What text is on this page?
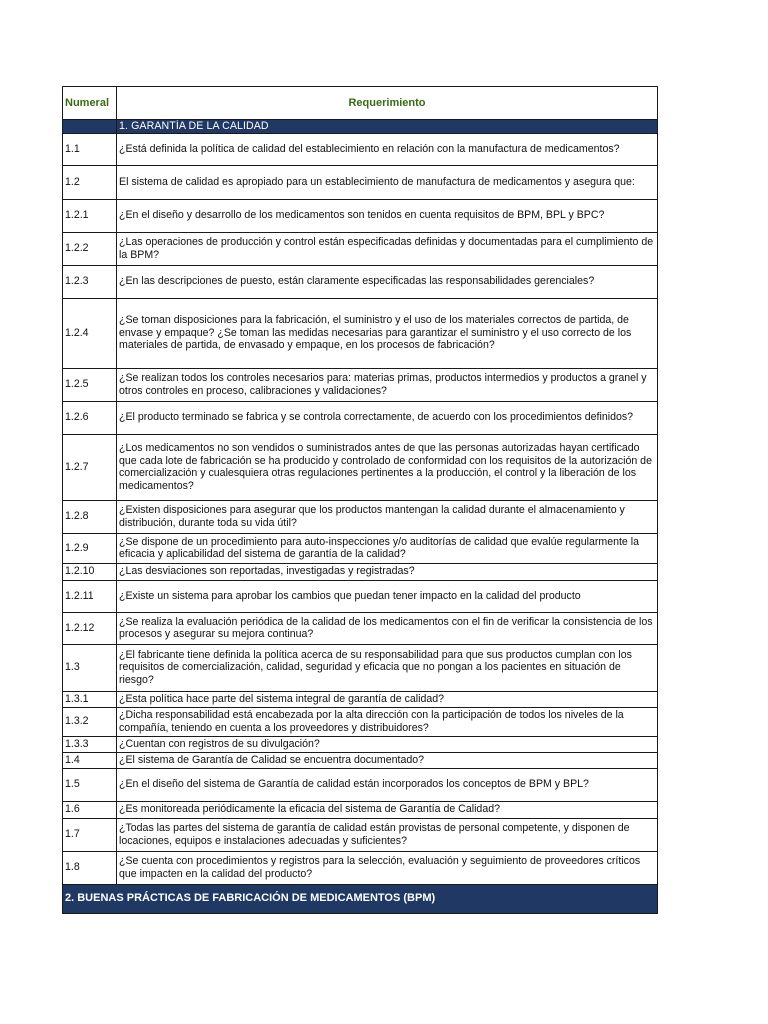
Numeral	Requerimiento
	1. GARANTÍA DE LA CALIDAD
1.1	¿Está definida la política de calidad del establecimiento en relación con la manufactura de medicamentos?
1.2	El sistema de calidad es apropiado para un establecimiento de manufactura de medicamentos y asegura que:
1.2.1	¿En el diseño y desarrollo de los medicamentos son tenidos en cuenta requisitos de BPM, BPL y BPC?
1.2.2	¿Las operaciones de producción y control están especificadas definidas y documentadas para el cumplimiento de la BPM?
1.2.3	¿En las descripciones de puesto, están claramente especificadas las responsabilidades gerenciales?
1.2.4	¿Se toman disposiciones para la fabricación, el suministro y el uso de los materiales correctos de partida, de envase y empaque? ¿Se toman las medidas necesarias para garantizar el suministro y el uso correcto de los materiales de partida, de envasado y empaque, en los procesos de fabricación?
1.2.5	¿Se realizan todos los controles necesarios para: materias primas, productos intermedios y productos a granel y otros controles en proceso, calibraciones y validaciones?
1.2.6	¿El producto terminado se fabrica y se controla correctamente, de acuerdo con los procedimientos definidos?
1.2.7	¿Los medicamentos no son vendidos o suministrados antes de que las personas autorizadas hayan certificado que cada lote de fabricación se ha producido y controlado de conformidad con los requisitos de la autorización de comercialización y cualesquiera otras regulaciones pertinentes a la producción, el control y la liberación de los medicamentos?
1.2.8	¿Existen disposiciones para asegurar que los productos mantengan la calidad durante el almacenamiento y distribución, durante toda su vida útil?
1.2.9	¿Se dispone de un procedimiento para auto-inspecciones y/o auditorías de calidad que evalúe regularmente la eficacia y aplicabilidad del sistema de garantía de la calidad?
1.2.10	¿Las desviaciones son reportadas, investigadas y registradas?
1.2.11	¿Existe un sistema para aprobar los cambios que puedan tener impacto en la calidad del producto
1.2.12	¿Se realiza la evaluación periódica de la calidad de los medicamentos con el fin de verificar la consistencia de los procesos y asegurar su mejora continua?
1.3	¿El fabricante tiene definida la política acerca de su responsabilidad para que sus productos cumplan con los requisitos de comercialización, calidad, seguridad y eficacia que no pongan a los pacientes en situación de riesgo?
1.3.1	¿Esta política hace parte del sistema integral de garantía de calidad?
1.3.2	¿Dicha responsabilidad está encabezada por la alta dirección con la participación de todos los niveles de la compañía, teniendo en cuenta a los proveedores y distribuidores?
1.3.3	¿Cuentan con registros de su divulgación?
1.4	¿El sistema de Garantía de Calidad se encuentra documentado?
1.5	¿En el diseño del sistema de Garantía de calidad están incorporados los conceptos de BPM y BPL?
1.6	¿Es monitoreada periódicamente la eficacia del sistema de Garantía de Calidad?
1.7	¿Todas las partes del sistema de garantía de calidad están provistas de personal competente, y disponen de locaciones, equipos e instalaciones adecuadas y suficientes?
1.8	¿Se cuenta con procedimientos y registros para la selección, evaluación y seguimiento de proveedores críticos que impacten en la calidad del producto?
2. BUENAS PRÁCTICAS DE FABRICACIÓN DE MEDICAMENTOS (BPM)	
